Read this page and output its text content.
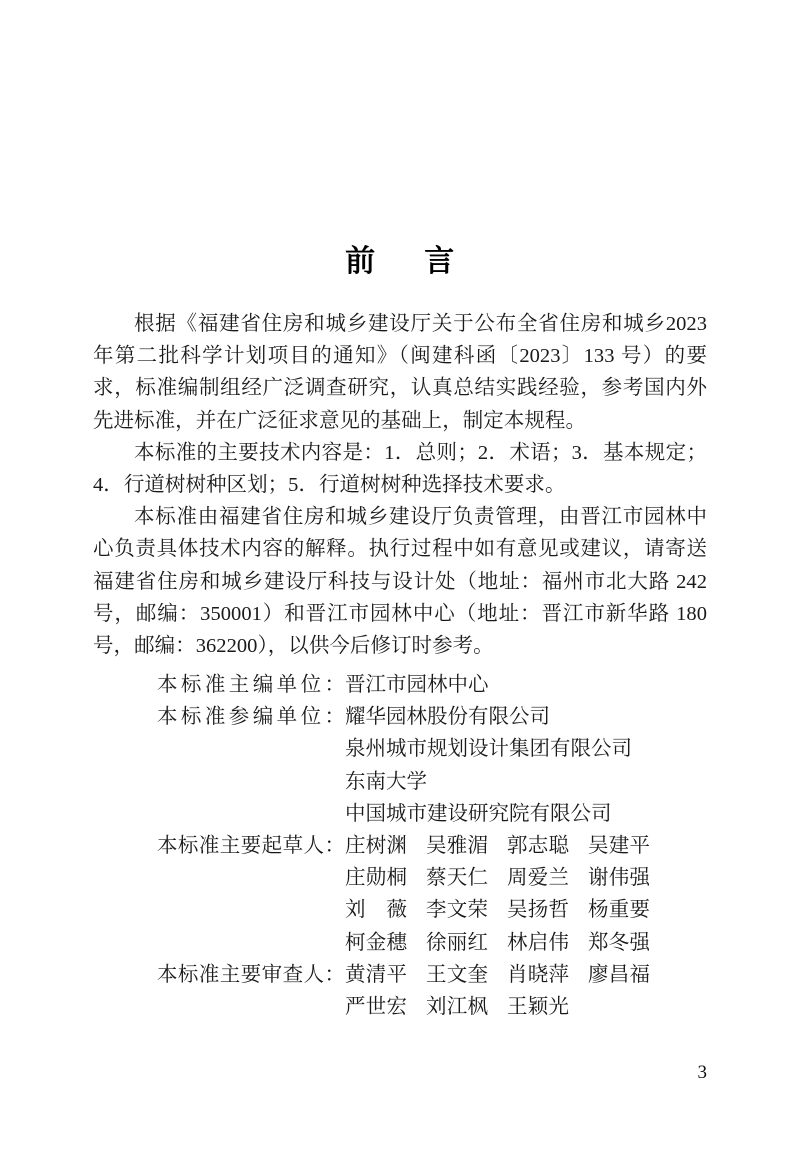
前      言

根据《福建省住房和城乡建设厅关于公布全省住房和城乡2023 年第二批科学计划项目的通知》（闽建科函〔2023〕133 号）的要求，标准编制组经广泛调查研究，认真总结实践经验，参考国内外先进标准，并在广泛征求意见的基础上，制定本规程。

本标准的主要技术内容是：1．总则；2．术语；3．基本规定；4．行道树树种区划；5．行道树树种选择技术要求。

本标准由福建省住房和城乡建设厅负责管理，由晋江市园林中心负责具体技术内容的解释。执行过程中如有意见或建议，请寄送福建省住房和城乡建设厅科技与设计处（地址：福州市北大路 242 号，邮编：350001）和晋江市园林中心（地址：晋江市新华路 180 号，邮编：362200），以供今后修订时参考。

本标准主编单位： 晋江市园林中心
本标准参编单位： 耀华园林股份有限公司
泉州城市规划设计集团有限公司
东南大学
中国城市建设研究院有限公司
本标准主要起草人： 庄树渊 吴雅湄 郭志聪 吴建平
庄勋桐 蔡天仁 周爱兰 谢伟强
刘 薇 李文荣 吴扬哲 杨重要
柯金穗 徐丽红 林启伟 郑冬强
本标准主要审查人： 黄清平 王文奎 肖晓萍 廖昌福
严世宏 刘江枫 王颖光
3
